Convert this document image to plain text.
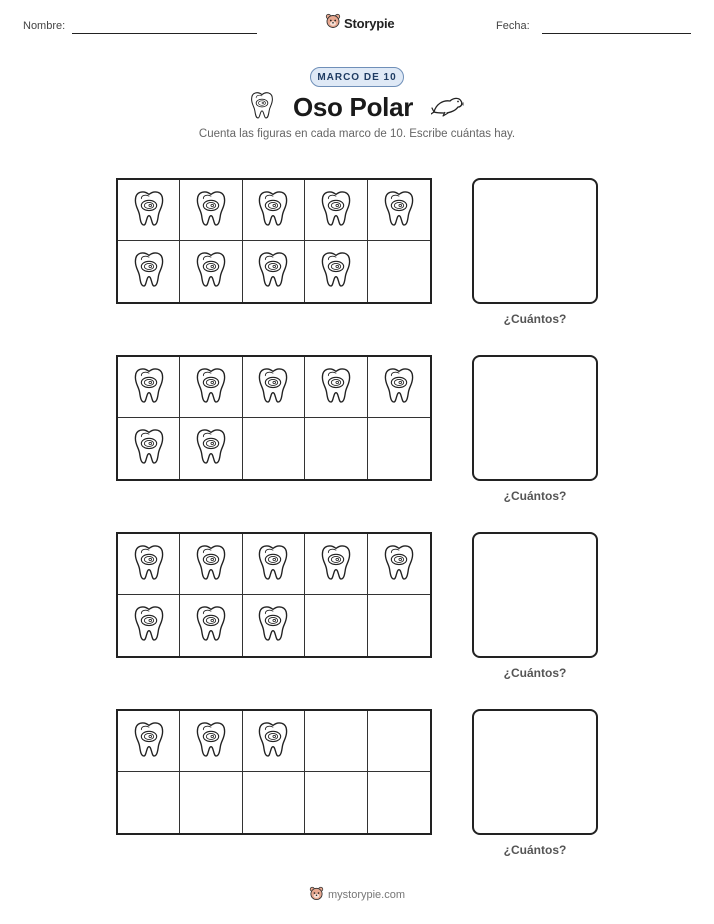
Nombre:	Storypie	Fecha:
MARCO DE 10
Oso Polar
Cuenta las figuras en cada marco de 10. Escribe cuántas hay.
¿Cuántos?
¿Cuántos?
¿Cuántos?
¿Cuántos?
mystorypie.com
